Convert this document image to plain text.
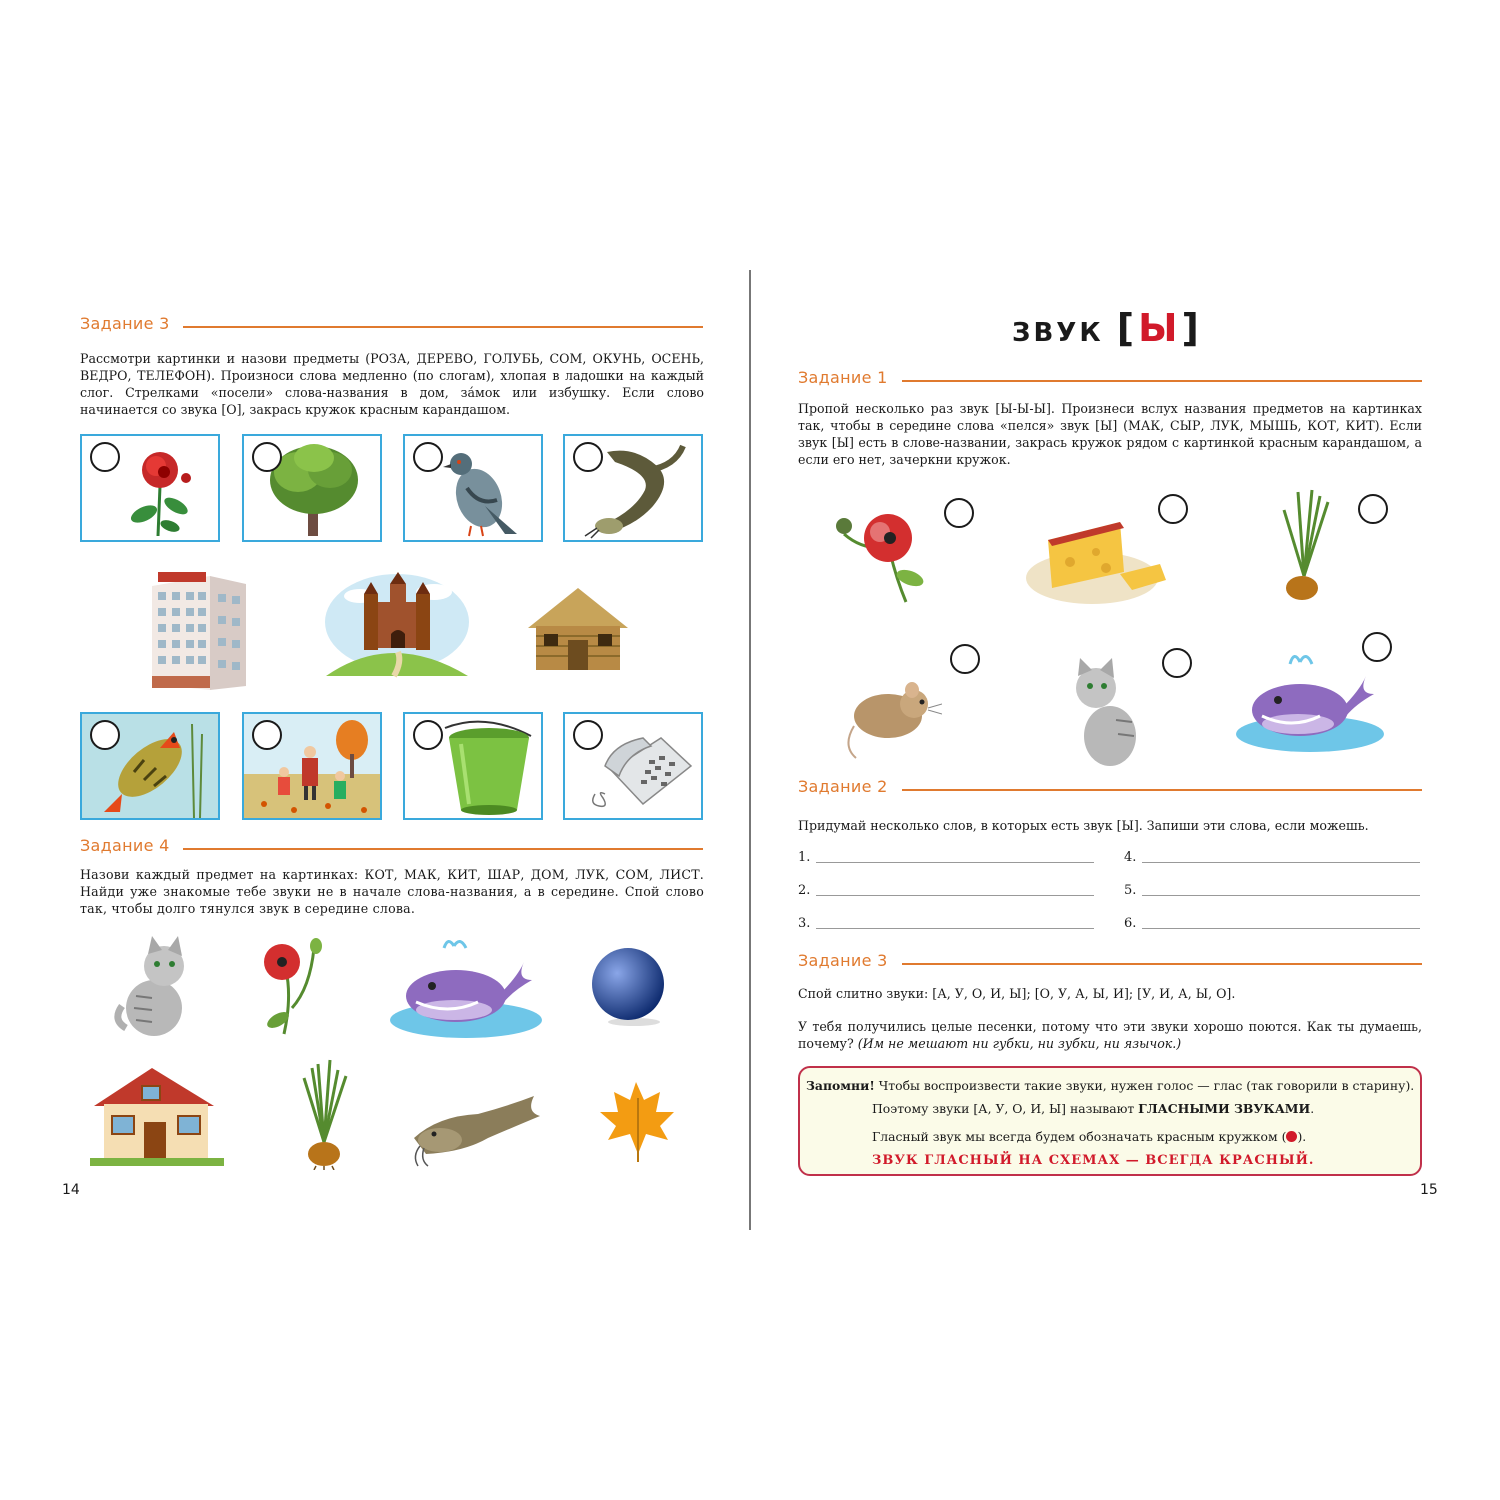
Задание 3
Рассмотри картинки и назови предметы (РОЗА, ДЕРЕВО, ГОЛУБЬ, СОМ, ОКУНЬ, ОСЕНЬ, ВЕДРО, ТЕЛЕФОН). Произноси слова медленно (по слогам), хлопая в ладошки на каждый слог. Стрелками «посели» слова-названия в дом, за́мок или избушку. Если слово начинается со звука [О], закрась кружок красным карандашом.
Задание 4
Назови каждый предмет на картинках: КОТ, МАК, КИТ, ШАР, ДОМ, ЛУК, СОМ, ЛИСТ. Найди уже знакомые тебе звуки не в начале слова-названия, а в середине. Спой слово так, чтобы долго тянулся звук в середине слова.
14
ЗВУК [ Ы ]
Задание 1
Пропой несколько раз звук [Ы-Ы-Ы]. Произнеси вслух названия предметов на картинках так, чтобы в середине слова «пелся» звук [Ы] (МАК, СЫР, ЛУК, МЫШЬ, КОТ, КИТ). Если звук [Ы] есть в слове-названии, закрась кружок рядом с картинкой красным карандашом, а если его нет, зачеркни кружок.
Задание 2
Придумай несколько слов, в которых есть звук [Ы]. Запиши эти слова, если можешь.
1.
2.
3.
4.
5.
6.
Задание 3
Спой слитно звуки: [А, У, О, И, Ы]; [О, У, А, Ы, И]; [У, И, А, Ы, О].
У тебя получились целые песенки, потому что эти звуки хорошо поются. Как ты думаешь, почему? (Им не мешают ни губки, ни зубки, ни язычок.)
Запомни! Чтобы воспроизвести такие звуки, нужен голос — глас (так говорили в старину).
Поэтому звуки [А, У, О, И, Ы] называют ГЛАСНЫМИ ЗВУКАМИ.
Гласный звук мы всегда будем обозначать красным кружком ( ).
ЗВУК ГЛАСНЫЙ НА СХЕМАХ — ВСЕГДА КРАСНЫЙ.
15
